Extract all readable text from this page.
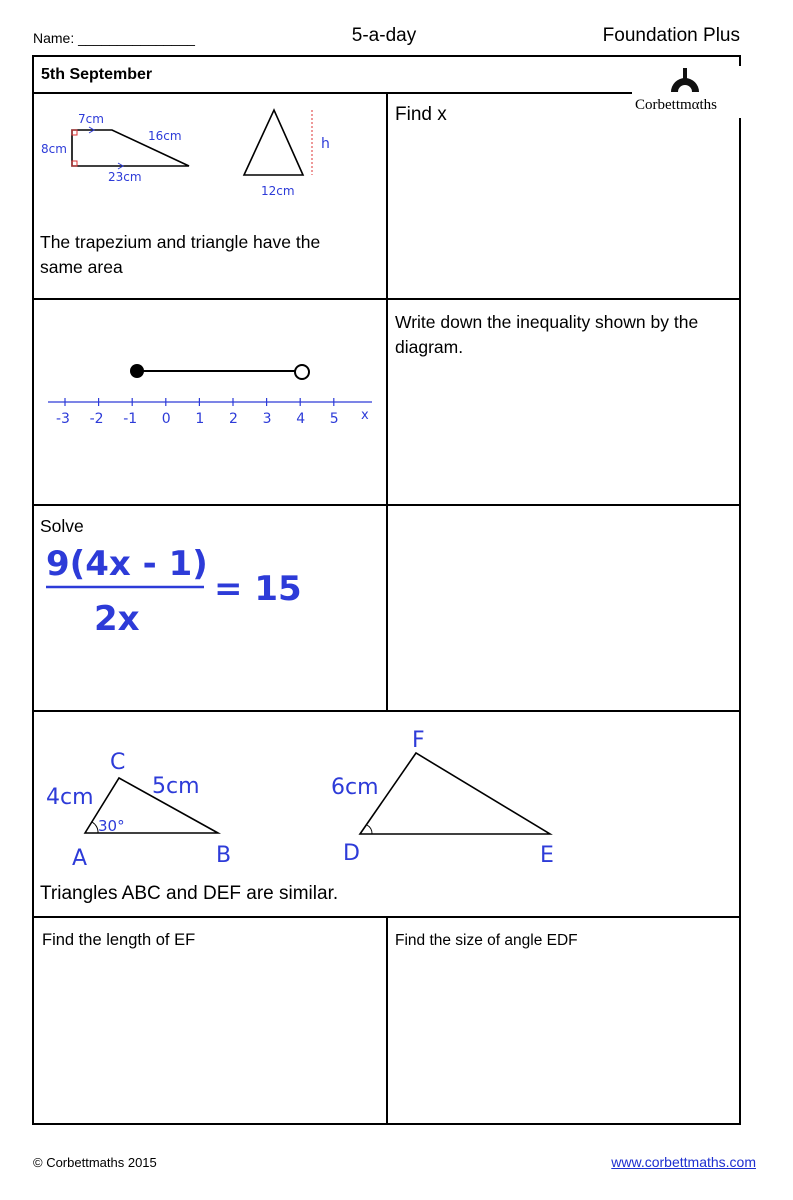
Name: _______________	5-a-day	Foundation Plus
5th September
Corbettmαths
7cm
16cm
8cm
23cm
h
12cm
The trapezium and triangle have the
same area
Find x
-3 -2 -1 0 1 2 3 4 5 x
Write down the inequality shown by the
diagram.
Solve
9(4x - 1)
2x
= 15
C
A	B
4cm	5cm
30°
F
D	E
6cm
Triangles ABC and DEF are similar.
Find the length of EF	Find the size of angle EDF
© Corbettmaths 2015	www.corbettmaths.com
